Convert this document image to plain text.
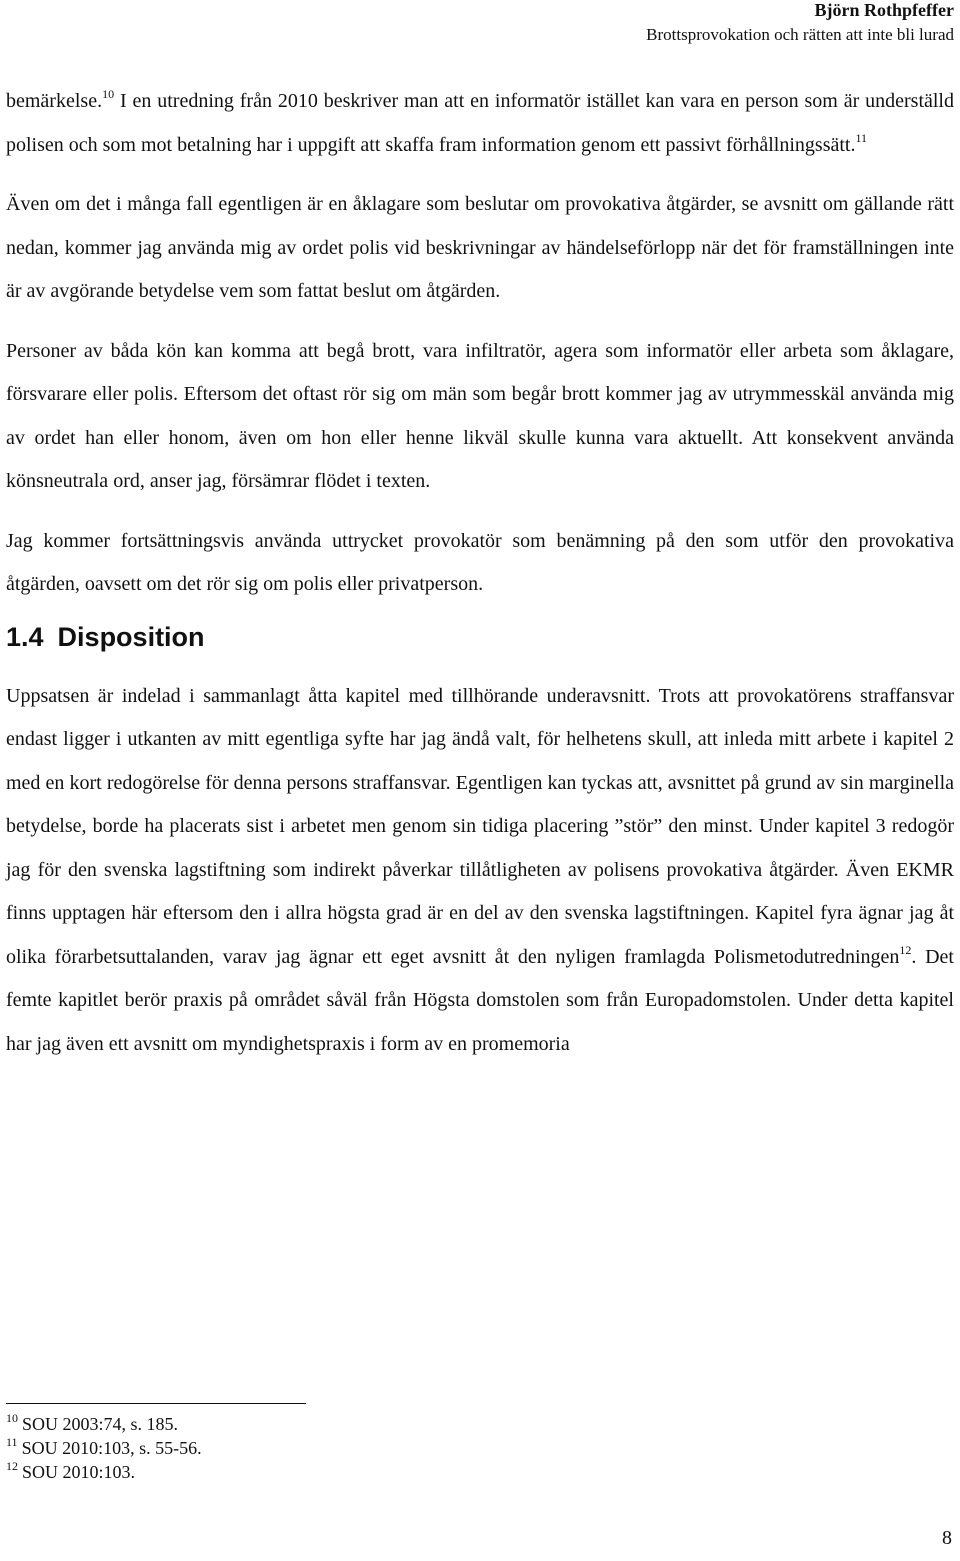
Björn Rothpfeffer
Brottsprovokation och rätten att inte bli lurad

bemärkelse.$^{10}$ I en utredning från 2010 beskriver man att en informatör istället kan vara en person som är underställd polisen och som mot betalning har i uppgift att skaffa fram information genom ett passivt förhållningssätt.$^{11}$

Även om det i många fall egentligen är en åklagare som beslutar om provokativa åtgärder, se avsnitt om gällande rätt nedan, kommer jag använda mig av ordet polis vid beskrivningar av händelseförlopp när det för framställningen inte är av avgörande betydelse vem som fattat beslut om åtgärden.

Personer av båda kön kan komma att begå brott, vara infiltratör, agera som informatör eller arbeta som åklagare, försvarare eller polis. Eftersom det oftast rör sig om män som begår brott kommer jag av utrymmesskäl använda mig av ordet han eller honom, även om hon eller henne likväl skulle kunna vara aktuellt. Att konsekvent använda könsneutrala ord, anser jag, försämrar flödet i texten.

Jag kommer fortsättningsvis använda uttrycket provokatör som benämning på den som utför den provokativa åtgärden, oavsett om det rör sig om polis eller privatperson.

1.4 Disposition

Uppsatsen är indelad i sammanlagt åtta kapitel med tillhörande underavsnitt. Trots att provokatörens straffansvar endast ligger i utkanten av mitt egentliga syfte har jag ändå valt, för helhetens skull, att inleda mitt arbete i kapitel 2 med en kort redogörelse för denna persons straffansvar. Egentligen kan tyckas att, avsnittet på grund av sin marginella betydelse, borde ha placerats sist i arbetet men genom sin tidiga placering ”stör” den minst. Under kapitel 3 redogör jag för den svenska lagstiftning som indirekt påverkar tillåtligheten av polisens provokativa åtgärder. Även EKMR finns upptagen här eftersom den i allra högsta grad är en del av den svenska lagstiftningen. Kapitel fyra ägnar jag åt olika förarbetsuttalanden, varav jag ägnar ett eget avsnitt åt den nyligen framlagda Polismetodutredningen$^{12}$. Det femte kapitlet berör praxis på området såväl från Högsta domstolen som från Europadomstolen. Under detta kapitel har jag även ett avsnitt om myndighetspraxis i form av en promemoria

$^{10}$ SOU 2003:74, s. 185.
$^{11}$ SOU 2010:103, s. 55-56.
$^{12}$ SOU 2010:103.
8
